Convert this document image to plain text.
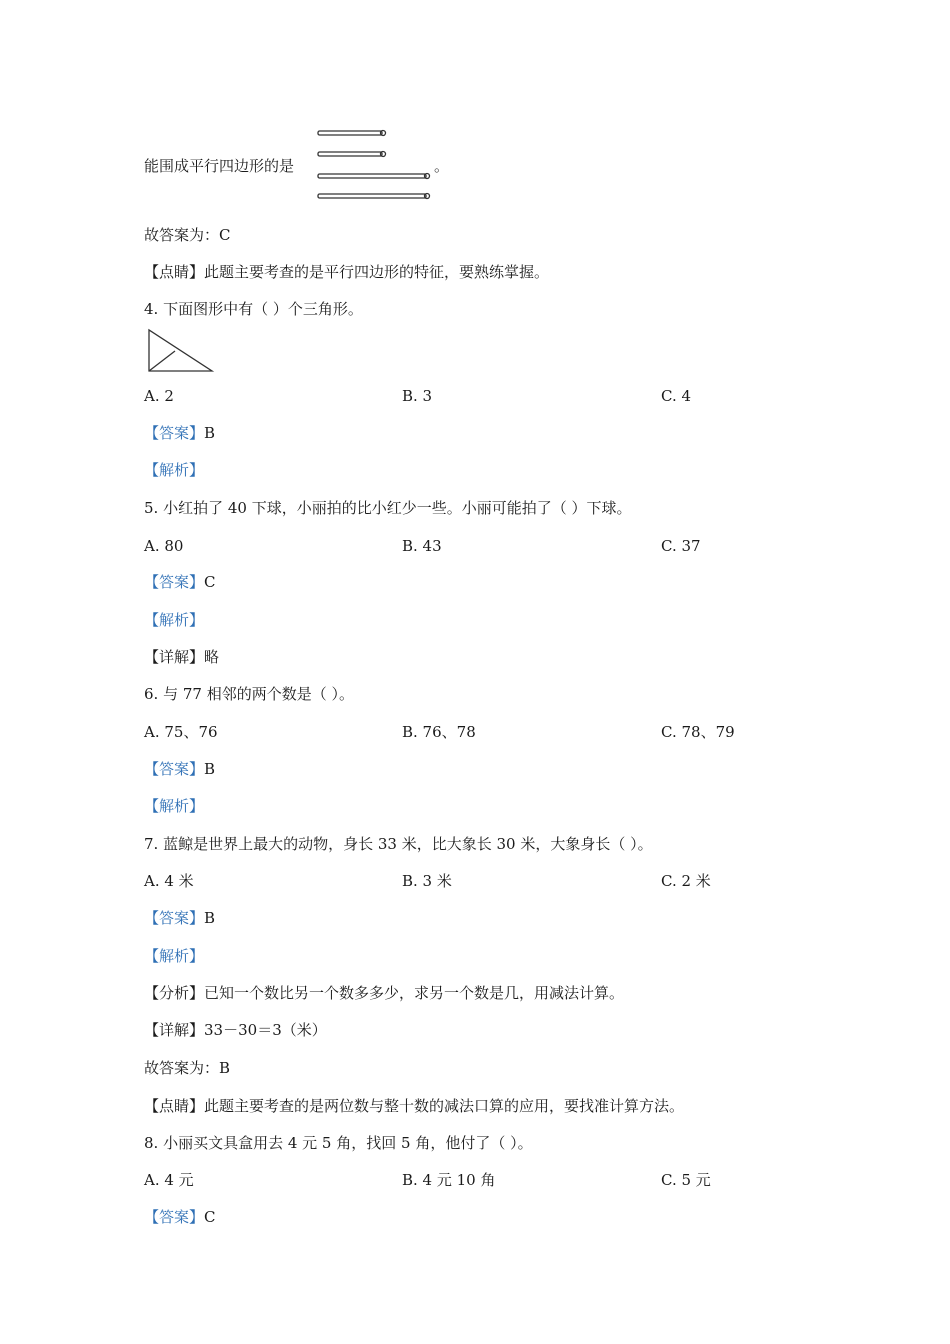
能围成平行四边形的是	。
故答案为：C
【点睛】此题主要考查的是平行四边形的特征，要熟练掌握。
4. 下面图形中有（ ）个三角形。
A. 2	B. 3	C. 4
【答案】B
【解析】
5. 小红拍了 40 下球，小丽拍的比小红少一些。小丽可能拍了（ ）下球。
A. 80	B. 43	C. 37
【答案】C
【解析】
【详解】略
6. 与 77 相邻的两个数是（ ）。
A. 75、76	B. 76、78	C. 78、79
【答案】B
【解析】
7. 蓝鲸是世界上最大的动物，身长 33 米，比大象长 30 米，大象身长（ ）。
A. 4 米	B. 3 米	C. 2 米
【答案】B
【解析】
【分析】已知一个数比另一个数多多少，求另一个数是几，用减法计算。
【详解】33－30＝3（米）
故答案为：B
【点睛】此题主要考查的是两位数与整十数的减法口算的应用，要找准计算方法。
8. 小丽买文具盒用去 4 元 5 角，找回 5 角，他付了（ ）。
A. 4 元	B. 4 元 10 角	C. 5 元
【答案】C
